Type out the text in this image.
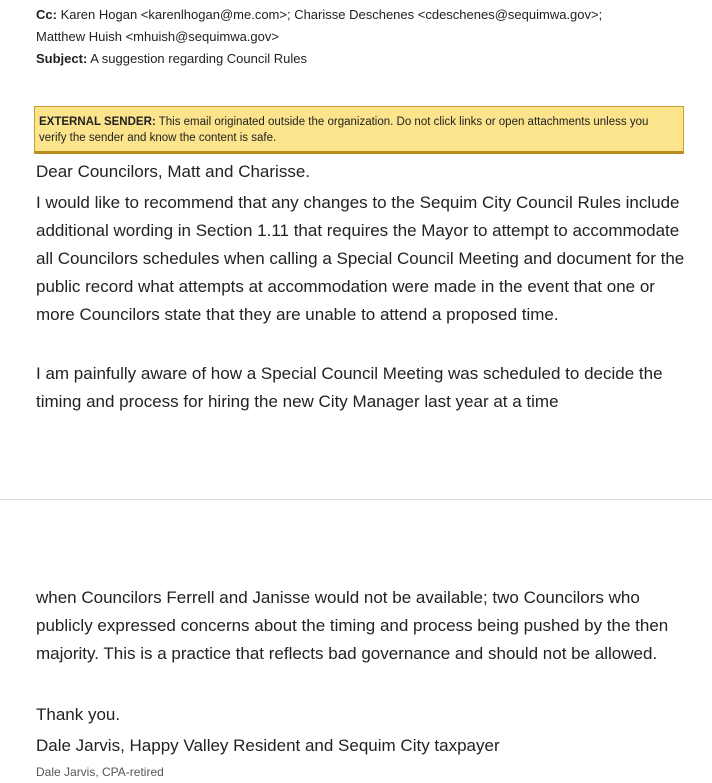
Cc: Karen Hogan <karenlhogan@me.com>; Charisse Deschenes <cdeschenes@sequimwa.gov>;
Matthew Huish <mhuish@sequimwa.gov>
Subject: A suggestion regarding Council Rules
EXTERNAL SENDER: This email originated outside the organization. Do not click links or open attachments unless you verify the sender and know the content is safe.
Dear Councilors, Matt and Charisse.
I would like to recommend that any changes to the Sequim City Council Rules include additional wording in Section 1.11 that requires the Mayor to attempt to accommodate all Councilors schedules when calling a Special Council Meeting and document for the public record what attempts at accommodation were made in the event that one or more Councilors state that they are unable to attend a proposed time.
I am painfully aware of how a Special Council Meeting was scheduled to decide the timing and process for hiring the new City Manager last year at a time
when Councilors Ferrell and Janisse would not be available; two Councilors who publicly expressed concerns about the timing and process being pushed by the then majority. This is a practice that reflects bad governance and should not be allowed.
Thank you.
Dale Jarvis, Happy Valley Resident and Sequim City taxpayer
Dale Jarvis, CPA-retired
